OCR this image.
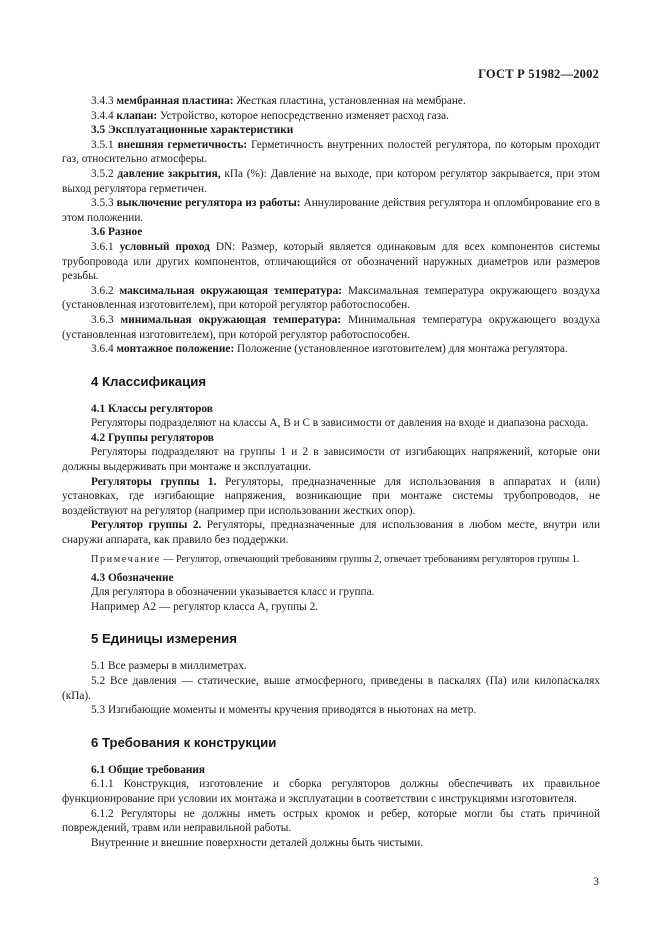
ГОСТ Р 51982—2002

3.4.3 мембранная пластина: Жесткая пластина, установленная на мембране.

3.4.4 клапан: Устройство, которое непосредственно изменяет расход газа.

3.5 Эксплуатационные характеристики

3.5.1 внешняя герметичность: Герметичность внутренних полостей регулятора, по которым проходит газ, относительно атмосферы.

3.5.2 давление закрытия, кПа (%): Давление на выходе, при котором регулятор закрывается, при этом выход регулятора герметичен.

3.5.3 выключение регулятора из работы: Аннулирование действия регулятора и опломбирование его в этом положении.

3.6 Разное

3.6.1 условный проход DN: Размер, который является одинаковым для всех компонентов системы трубопровода или других компонентов, отличающийся от обозначений наружных диаметров или размеров резьбы.

3.6.2 максимальная окружающая температура: Максимальная температура окружающего воздуха (установленная изготовителем), при которой регулятор работоспособен.

3.6.3 минимальная окружающая температура: Минимальная температура окружающего воздуха (установленная изготовителем), при которой регулятор работоспособен.

3.6.4 монтажное положение: Положение (установленное изготовителем) для монтажа регулятора.

4 Классификация

4.1 Классы регуляторов

Регуляторы подразделяют на классы А, В и С в зависимости от давления на входе и диапазона расхода.

4.2 Группы регуляторов

Регуляторы подразделяют на группы 1 и 2 в зависимости от изгибающих напряжений, которые они должны выдерживать при монтаже и эксплуатации.

Регуляторы группы 1. Регуляторы, предназначенные для использования в аппаратах и (или) установках, где изгибающие напряжения, возникающие при монтаже системы трубопроводов, не воздействуют на регулятор (например при использовании жестких опор).

Регулятор группы 2. Регуляторы, предназначенные для использования в любом месте, внутри или снаружи аппарата, как правило без поддержки.

Примечание — Регулятор, отвечающий требованиям группы 2, отвечает требованиям регуляторов группы 1.

4.3 Обозначение

Для регулятора в обозначении указывается класс и группа.

Например А2 — регулятор класса А, группы 2.

5 Единицы измерения

5.1 Все размеры в миллиметрах.

5.2 Все давления — статические, выше атмосферного, приведены в паскалях (Па) или килопаскалях (кПа).

5.3 Изгибающие моменты и моменты кручения приводятся в ньютонах на метр.

6 Требования к конструкции

6.1 Общие требования

6.1.1 Конструкция, изготовление и сборка регуляторов должны обеспечивать их правильное функционирование при условии их монтажа и эксплуатации в соответствии с инструкциями изготовителя.

6.1.2 Регуляторы не должны иметь острых кромок и ребер, которые могли бы стать причиной повреждений, травм или неправильной работы.

Внутренние и внешние поверхности деталей должны быть чистыми.

3
